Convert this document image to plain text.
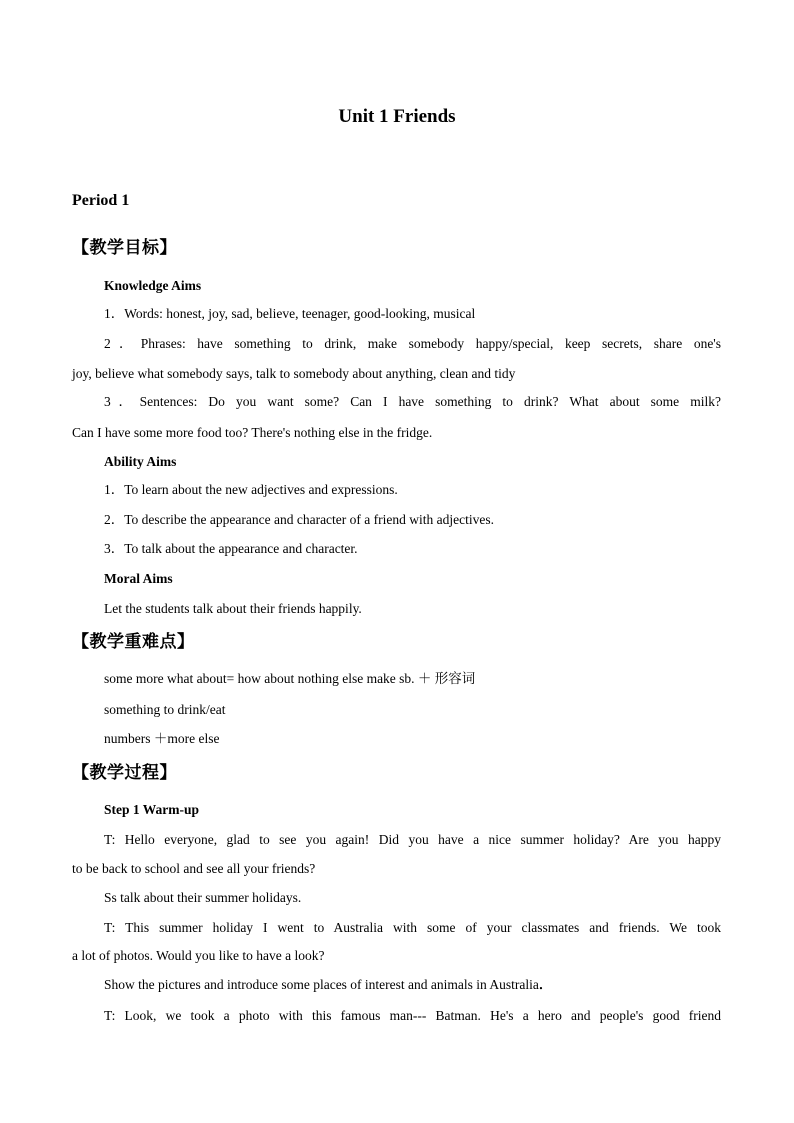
Unit 1 Friends
Period 1
【教学目标】
Knowledge Aims
1．Words: honest, joy, sad, believe, teenager, good-looking, musical
2．Phrases: have something to drink, make somebody happy/special, keep secrets, share one's
joy, believe what somebody says, talk to somebody about anything, clean and tidy
3．Sentences: Do you want some? Can I have something to drink? What about some milk?
Can I have some more food too? There's nothing else in the fridge.
Ability Aims
1．To learn about the new adjectives and expressions.
2．To describe the appearance and character of a friend with adjectives.
3．To talk about the appearance and character.
Moral Aims
Let the students talk about their friends happily.
【教学重难点】
some more what about= how about nothing else make sb. ＋ 形容词
something to drink/eat
numbers ＋more else
【教学过程】
Step 1 Warm-up
T: Hello everyone, glad to see you again! Did you have a nice summer holiday? Are you happy
to be back to school and see all your friends?
Ss talk about their summer holidays.
T: This summer holiday I went to Australia with some of your classmates and friends. We took
a lot of photos. Would you like to have a look?
Show the pictures and introduce some places of interest and animals in Australia．
T: Look, we took a photo with this famous man--- Batman. He's a hero and people's good friend
